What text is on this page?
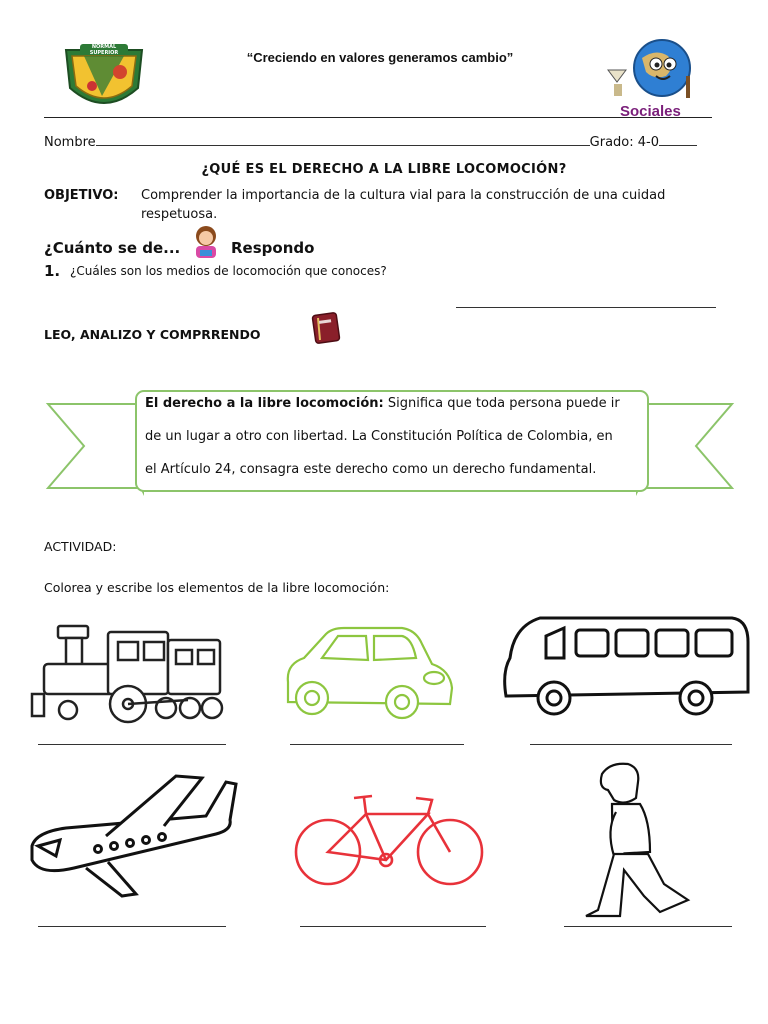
NORMAL SUPERIOR	“Creciendo en valores generamos cambio”
Sociales
Nombre	Grado: 4-0
¿QUÉ ES EL DERECHO A LA LIBRE LOCOMOCIÓN?
OBJETIVO: Comprender la importancia de la cultura vial para la construcción de una cuidad
respetuosa.
¿Cuánto se de...	Respondo
1. ¿Cuáles son los medios de locomoción que conoces?
LEO, ANALIZO Y COMPRRENDO
El derecho a la libre locomoción: Significa que toda persona puede ir
de un lugar a otro con libertad. La Constitución Política de Colombia, en
el Artículo 24, consagra este derecho como un derecho fundamental.
ACTIVIDAD:
Colorea y escribe los elementos de la libre locomoción:
